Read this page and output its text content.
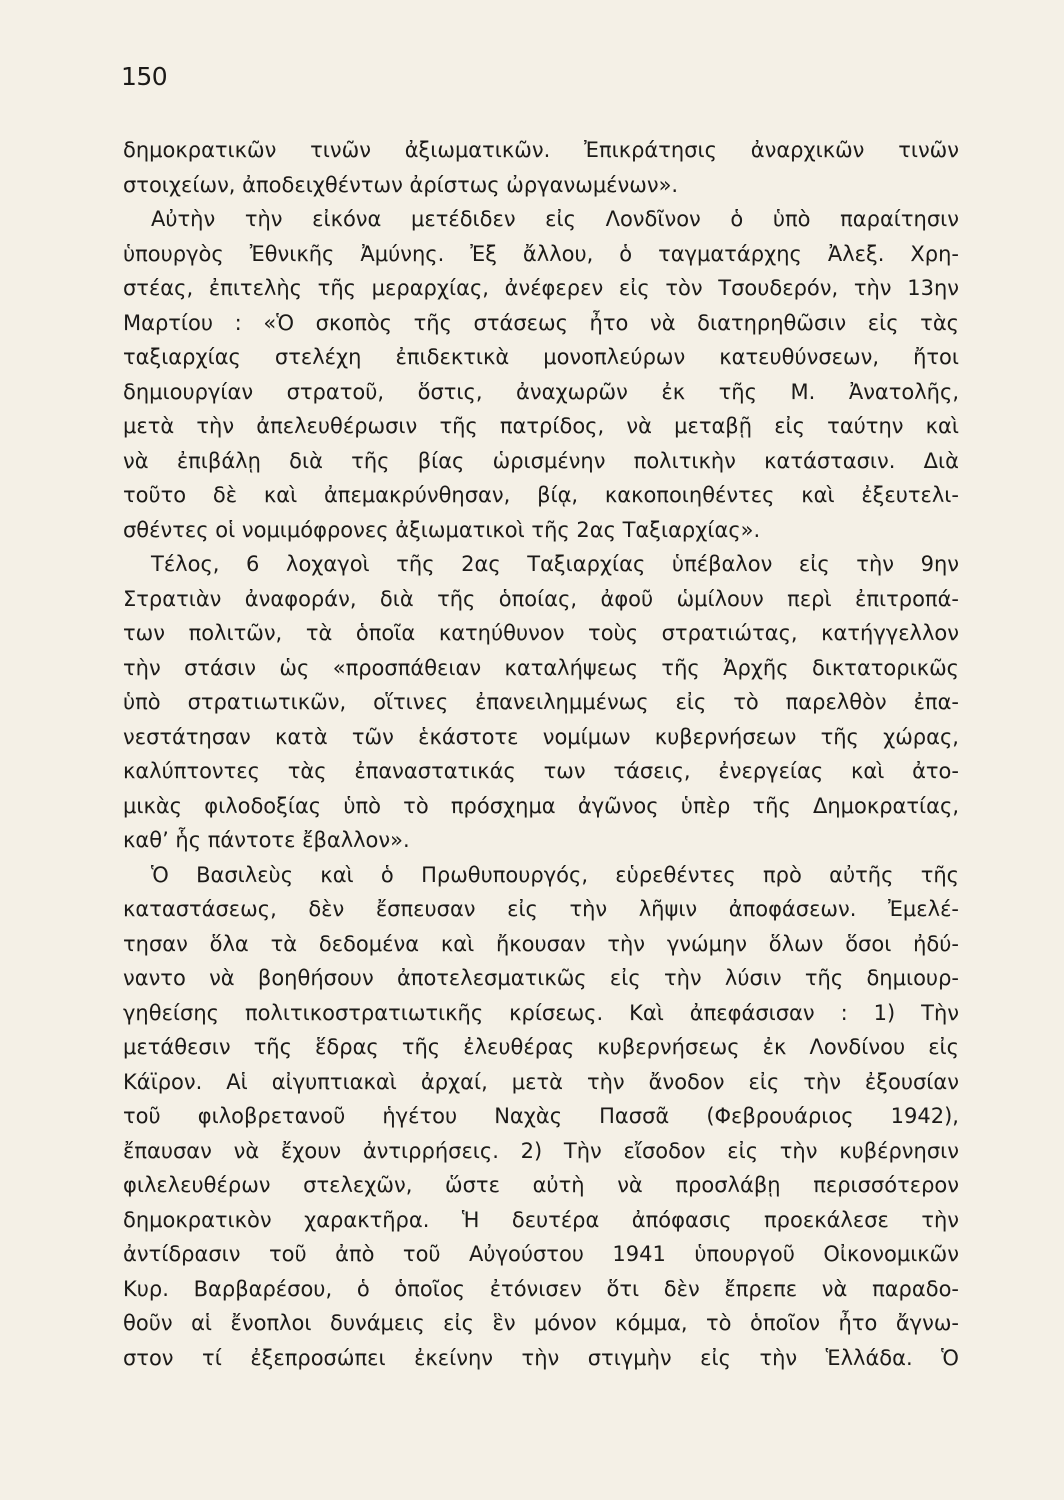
150
δημοκρατικῶν τινῶν ἀξιωματικῶν. Ἐπικράτησις ἀναρχικῶν τινῶν
στοιχείων, ἀποδειχθέντων ἀρίστως ὠργανωμένων».
Αὐτὴν τὴν εἰκόνα μετέδιδεν εἰς Λονδῖνον ὁ ὑπὸ παραίτησιν
ὑπουργὸς Ἐθνικῆς Ἀμύνης. Ἐξ ἄλλου, ὁ ταγματάρχης Ἀλεξ. Χρη-
στέας, ἐπιτελὴς τῆς μεραρχίας, ἀνέφερεν εἰς τὸν Τσουδερόν, τὴν 13ην
Μαρτίου : «Ὁ σκοπὸς τῆς στάσεως ἦτο νὰ διατηρηθῶσιν εἰς τὰς
ταξιαρχίας στελέχη ἐπιδεκτικὰ μονοπλεύρων κατευθύνσεων, ἤτοι
δημιουργίαν στρατοῦ, ὅστις, ἀναχωρῶν ἐκ τῆς Μ. Ἀνατολῆς,
μετὰ τὴν ἀπελευθέρωσιν τῆς πατρίδος, νὰ μεταβῇ εἰς ταύτην καὶ
νὰ ἐπιβάλῃ διὰ τῆς βίας ὡρισμένην πολιτικὴν κατάστασιν. Διὰ
τοῦτο δὲ καὶ ἀπεμακρύνθησαν, βίᾳ, κακοποιηθέντες καὶ ἐξευτελι-
σθέντες οἱ νομιμόφρονες ἀξιωματικοὶ τῆς 2ας Ταξιαρχίας».
Τέλος, 6 λοχαγοὶ τῆς 2ας Ταξιαρχίας ὑπέβαλον εἰς τὴν 9ην
Στρατιὰν ἀναφοράν, διὰ τῆς ὁποίας, ἀφοῦ ὡμίλουν περὶ ἐπιτροπά-
των πολιτῶν, τὰ ὁποῖα κατηύθυνον τοὺς στρατιώτας, κατήγγελλον
τὴν στάσιν ὡς «προσπάθειαν καταλήψεως τῆς Ἀρχῆς δικτατορικῶς
ὑπὸ στρατιωτικῶν, οἵτινες ἐπανειλημμένως εἰς τὸ παρελθὸν ἐπα-
νεστάτησαν κατὰ τῶν ἑκάστοτε νομίμων κυβερνήσεων τῆς χώρας,
καλύπτοντες τὰς ἐπαναστατικάς των τάσεις, ἐνεργείας καὶ ἀτο-
μικὰς φιλοδοξίας ὑπὸ τὸ πρόσχημα ἀγῶνος ὑπὲρ τῆς Δημοκρατίας,
καθ’ ἧς πάντοτε ἔβαλλον».
Ὁ Βασιλεὺς καὶ ὁ Πρωθυπουργός, εὑρεθέντες πρὸ αὐτῆς τῆς
καταστάσεως, δὲν ἔσπευσαν εἰς τὴν λῆψιν ἀποφάσεων. Ἐμελέ-
τησαν ὅλα τὰ δεδομένα καὶ ἤκουσαν τὴν γνώμην ὅλων ὅσοι ἠδύ-
ναντο νὰ βοηθήσουν ἀποτελεσματικῶς εἰς τὴν λύσιν τῆς δημιουρ-
γηθείσης πολιτικοστρατιωτικῆς κρίσεως. Καὶ ἀπεφάσισαν : 1) Τὴν
μετάθεσιν τῆς ἕδρας τῆς ἐλευθέρας κυβερνήσεως ἐκ Λονδίνου εἰς
Κάϊρον. Αἱ αἰγυπτιακαὶ ἀρχαί, μετὰ τὴν ἄνοδον εἰς τὴν ἐξουσίαν
τοῦ φιλοβρετανοῦ ἡγέτου Ναχὰς Πασσᾶ (Φεβρουάριος 1942),
ἔπαυσαν νὰ ἔχουν ἀντιρρήσεις. 2) Τὴν εἴσοδον εἰς τὴν κυβέρνησιν
φιλελευθέρων στελεχῶν, ὥστε αὐτὴ νὰ προσλάβῃ περισσότερον
δημοκρατικὸν χαρακτῆρα. Ἡ δευτέρα ἀπόφασις προεκάλεσε τὴν
ἀντίδρασιν τοῦ ἀπὸ τοῦ Αὐγούστου 1941 ὑπουργοῦ Οἰκονομικῶν
Κυρ. Βαρβαρέσου, ὁ ὁποῖος ἐτόνισεν ὅτι δὲν ἔπρεπε νὰ παραδο-
θοῦν αἱ ἔνοπλοι δυνάμεις εἰς ἓν μόνον κόμμα, τὸ ὁποῖον ἦτο ἄγνω-
στον τί ἐξεπροσώπει ἐκείνην τὴν στιγμὴν εἰς τὴν Ἑλλάδα. Ὁ
